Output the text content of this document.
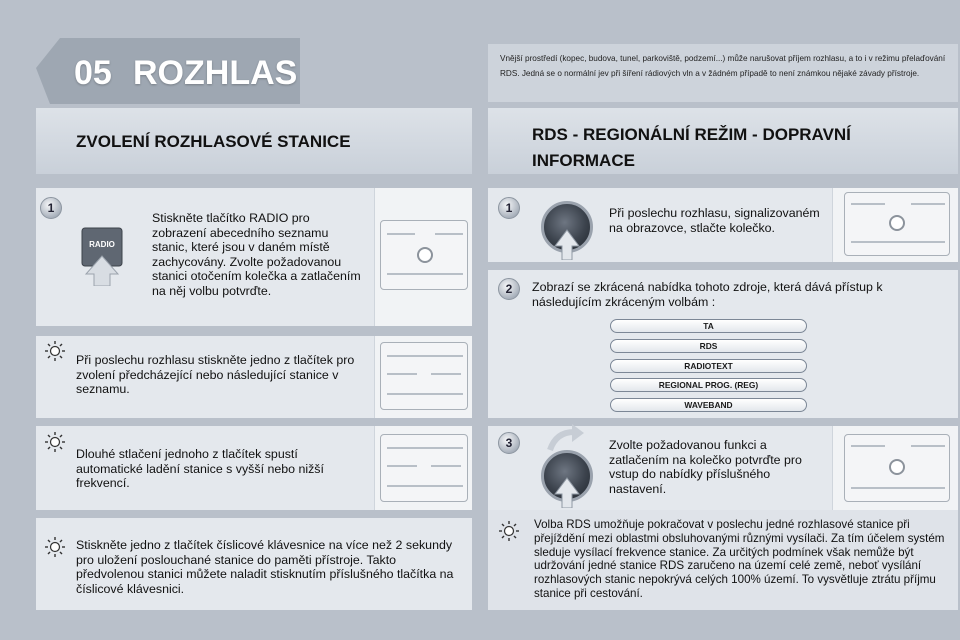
05 ROZHLAS	Vnější prostředí (kopec, budova, tunel, parkoviště, podzemí...) může narušovat příjem rozhlasu, a to i v režimu přelaďování RDS. Jedná se o normální jev při šíření rádiových vln a v žádném případě to není známkou nějaké závady přístroje.
ZVOLENÍ ROZHLASOVÉ STANICE	RDS - REGIONÁLNÍ REŽIM - DOPRAVNÍ INFORMACE
1
RADIO
Stiskněte tlačítko RADIO pro zobrazení abecedního seznamu stanic, které jsou v daném místě zachycovány. Zvolte požadovanou stanici otočením kolečka a zatlačením na něj volbu potvrďte.
Při poslechu rozhlasu stiskněte jedno z tlačítek pro zvolení předcházející nebo následující stanice v seznamu.
Dlouhé stlačení jednoho z tlačítek spustí automatické ladění stanice s vyšší nebo nižší frekvencí.
Stiskněte jedno z tlačítek číslicové klávesnice na více než 2 sekundy pro uložení poslouchané stanice do paměti přístroje. Takto předvolenou stanici můžete naladit stisknutím příslušného tlačítka na číslicové klávesnici.
1	Při poslechu rozhlasu, signalizovaném na obrazovce, stlačte kolečko.
2	Zobrazí se zkrácená nabídka tohoto zdroje, která dává přístup k následujícím zkráceným volbám :
TA
RDS
RADIOTEXT
REGIONAL PROG. (REG)
WAVEBAND
3	Zvolte požadovanou funkci a zatlačením na kolečko potvrďte pro vstup do nabídky příslušného nastavení.
Volba RDS umožňuje pokračovat v poslechu jedné rozhlasové stanice při přejíždění mezi oblastmi obsluhovanými různými vysílači. Za tím účelem systém sleduje vysílací frekvence stanice. Za určitých podmínek však nemůže být udržování jedné stanice RDS zaručeno na území celé země, neboť vysílání rozhlasových stanic nepokrývá celých 100% území. To vysvětluje ztrátu příjmu stanice při cestování.
